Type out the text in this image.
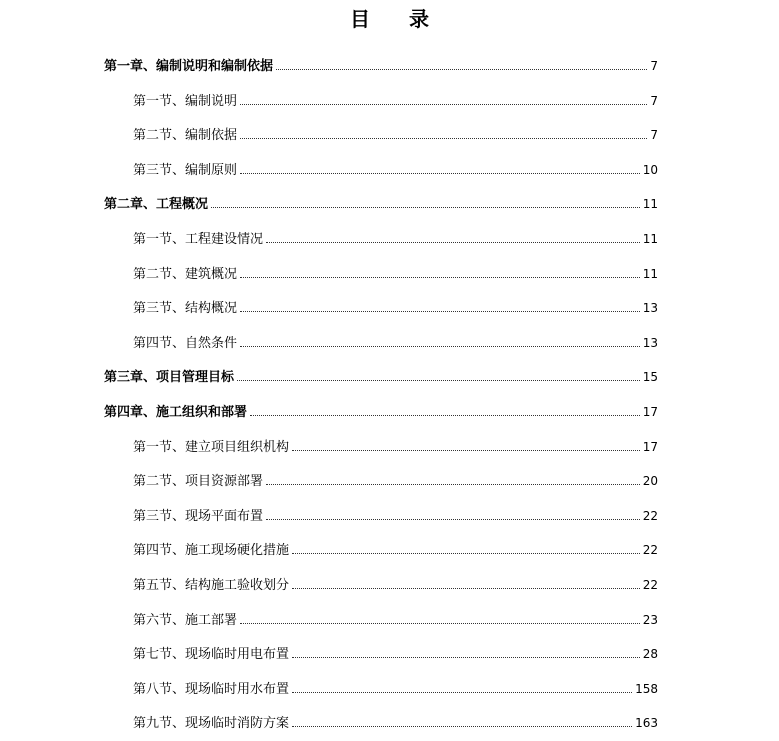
目 录
第一章、编制说明和编制依据	7
第一节、编制说明	7
第二节、编制依据	7
第三节、编制原则	10
第二章、工程概况	11
第一节、工程建设情况	11
第二节、建筑概况	11
第三节、结构概况	13
第四节、自然条件	13
第三章、项目管理目标	15
第四章、施工组织和部署	17
第一节、建立项目组织机构	17
第二节、项目资源部署	20
第三节、现场平面布置	22
第四节、施工现场硬化措施	22
第五节、结构施工验收划分	22
第六节、施工部署	23
第七节、现场临时用电布置	28
第八节、现场临时用水布置	158
第九节、现场临时消防方案	163
